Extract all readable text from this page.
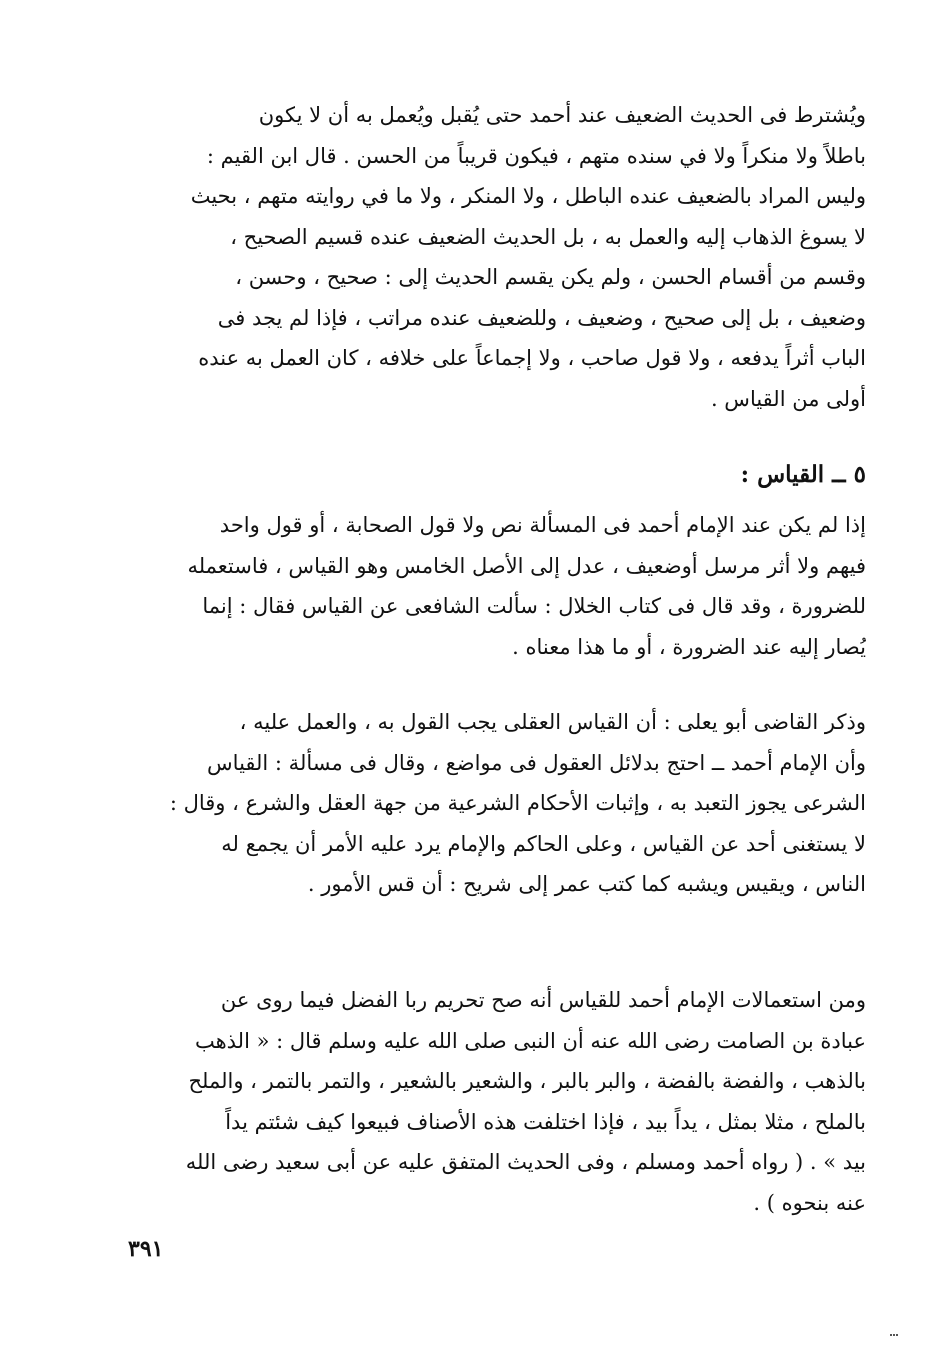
ويُشترط فى الحديث الضعيف عند أحمد حتى يُقبل ويُعمل به أن لا يكون
باطلاً ولا منكراً ولا في سنده متهم ، فيكون قريباً من الحسن . قال ابن القيم :
وليس المراد بالضعيف عنده الباطل ، ولا المنكر ، ولا ما في روايته متهم ، بحيث
لا يسوغ الذهاب إليه والعمل به ، بل الحديث الضعيف عنده قسيم الصحيح ،
وقسم من أقسام الحسن ، ولم يكن يقسم الحديث إلى : صحيح ، وحسن ،
وضعيف ، بل إلى صحيح ، وضعيف ، وللضعيف عنده مراتب ، فإذا لم يجد فى
الباب أثراً يدفعه ، ولا قول صاحب ، ولا إجماعاً على خلافه ، كان العمل به عنده
أولى من القياس .
٥ ــ القياس :
إذا لم يكن عند الإمام أحمد فى المسألة نص ولا قول الصحابة ، أو قول واحد
فيهم ولا أثر مرسل أوضعيف ، عدل إلى الأصل الخامس وهو القياس ، فاستعمله
للضرورة ، وقد قال فى كتاب الخلال : سألت الشافعى عن القياس فقال : إنما
يُصار إليه عند الضرورة ، أو ما هذا معناه .
وذكر القاضى أبو يعلى : أن القياس العقلى يجب القول به ، والعمل عليه ،
وأن الإمام أحمد ــ احتج بدلائل العقول فى مواضع ، وقال فى مسألة : القياس
الشرعى يجوز التعبد به ، وإثبات الأحكام الشرعية من جهة العقل والشرع ، وقال :
لا يستغنى أحد عن القياس ، وعلى الحاكم والإمام يرد عليه الأمر أن يجمع له
الناس ، ويقيس ويشبه كما كتب عمر إلى شريح : أن قس الأمور .
ومن استعمالات الإمام أحمد للقياس أنه صح تحريم ربا الفضل فيما روى عن
عبادة بن الصامت رضى الله عنه أن النبى صلى الله عليه وسلم قال : « الذهب
بالذهب ، والفضة بالفضة ، والبر بالبر ، والشعير بالشعير ، والتمر بالتمر ، والملح
بالملح ، مثلا بمثل ، يداً بيد ، فإذا اختلفت هذه الأصناف فبيعوا كيف شئتم يداً
بيد » . ( رواه أحمد ومسلم ، وفى الحديث المتفق عليه عن أبى سعيد رضى الله
عنه بنحوه ) .
٣٩١
